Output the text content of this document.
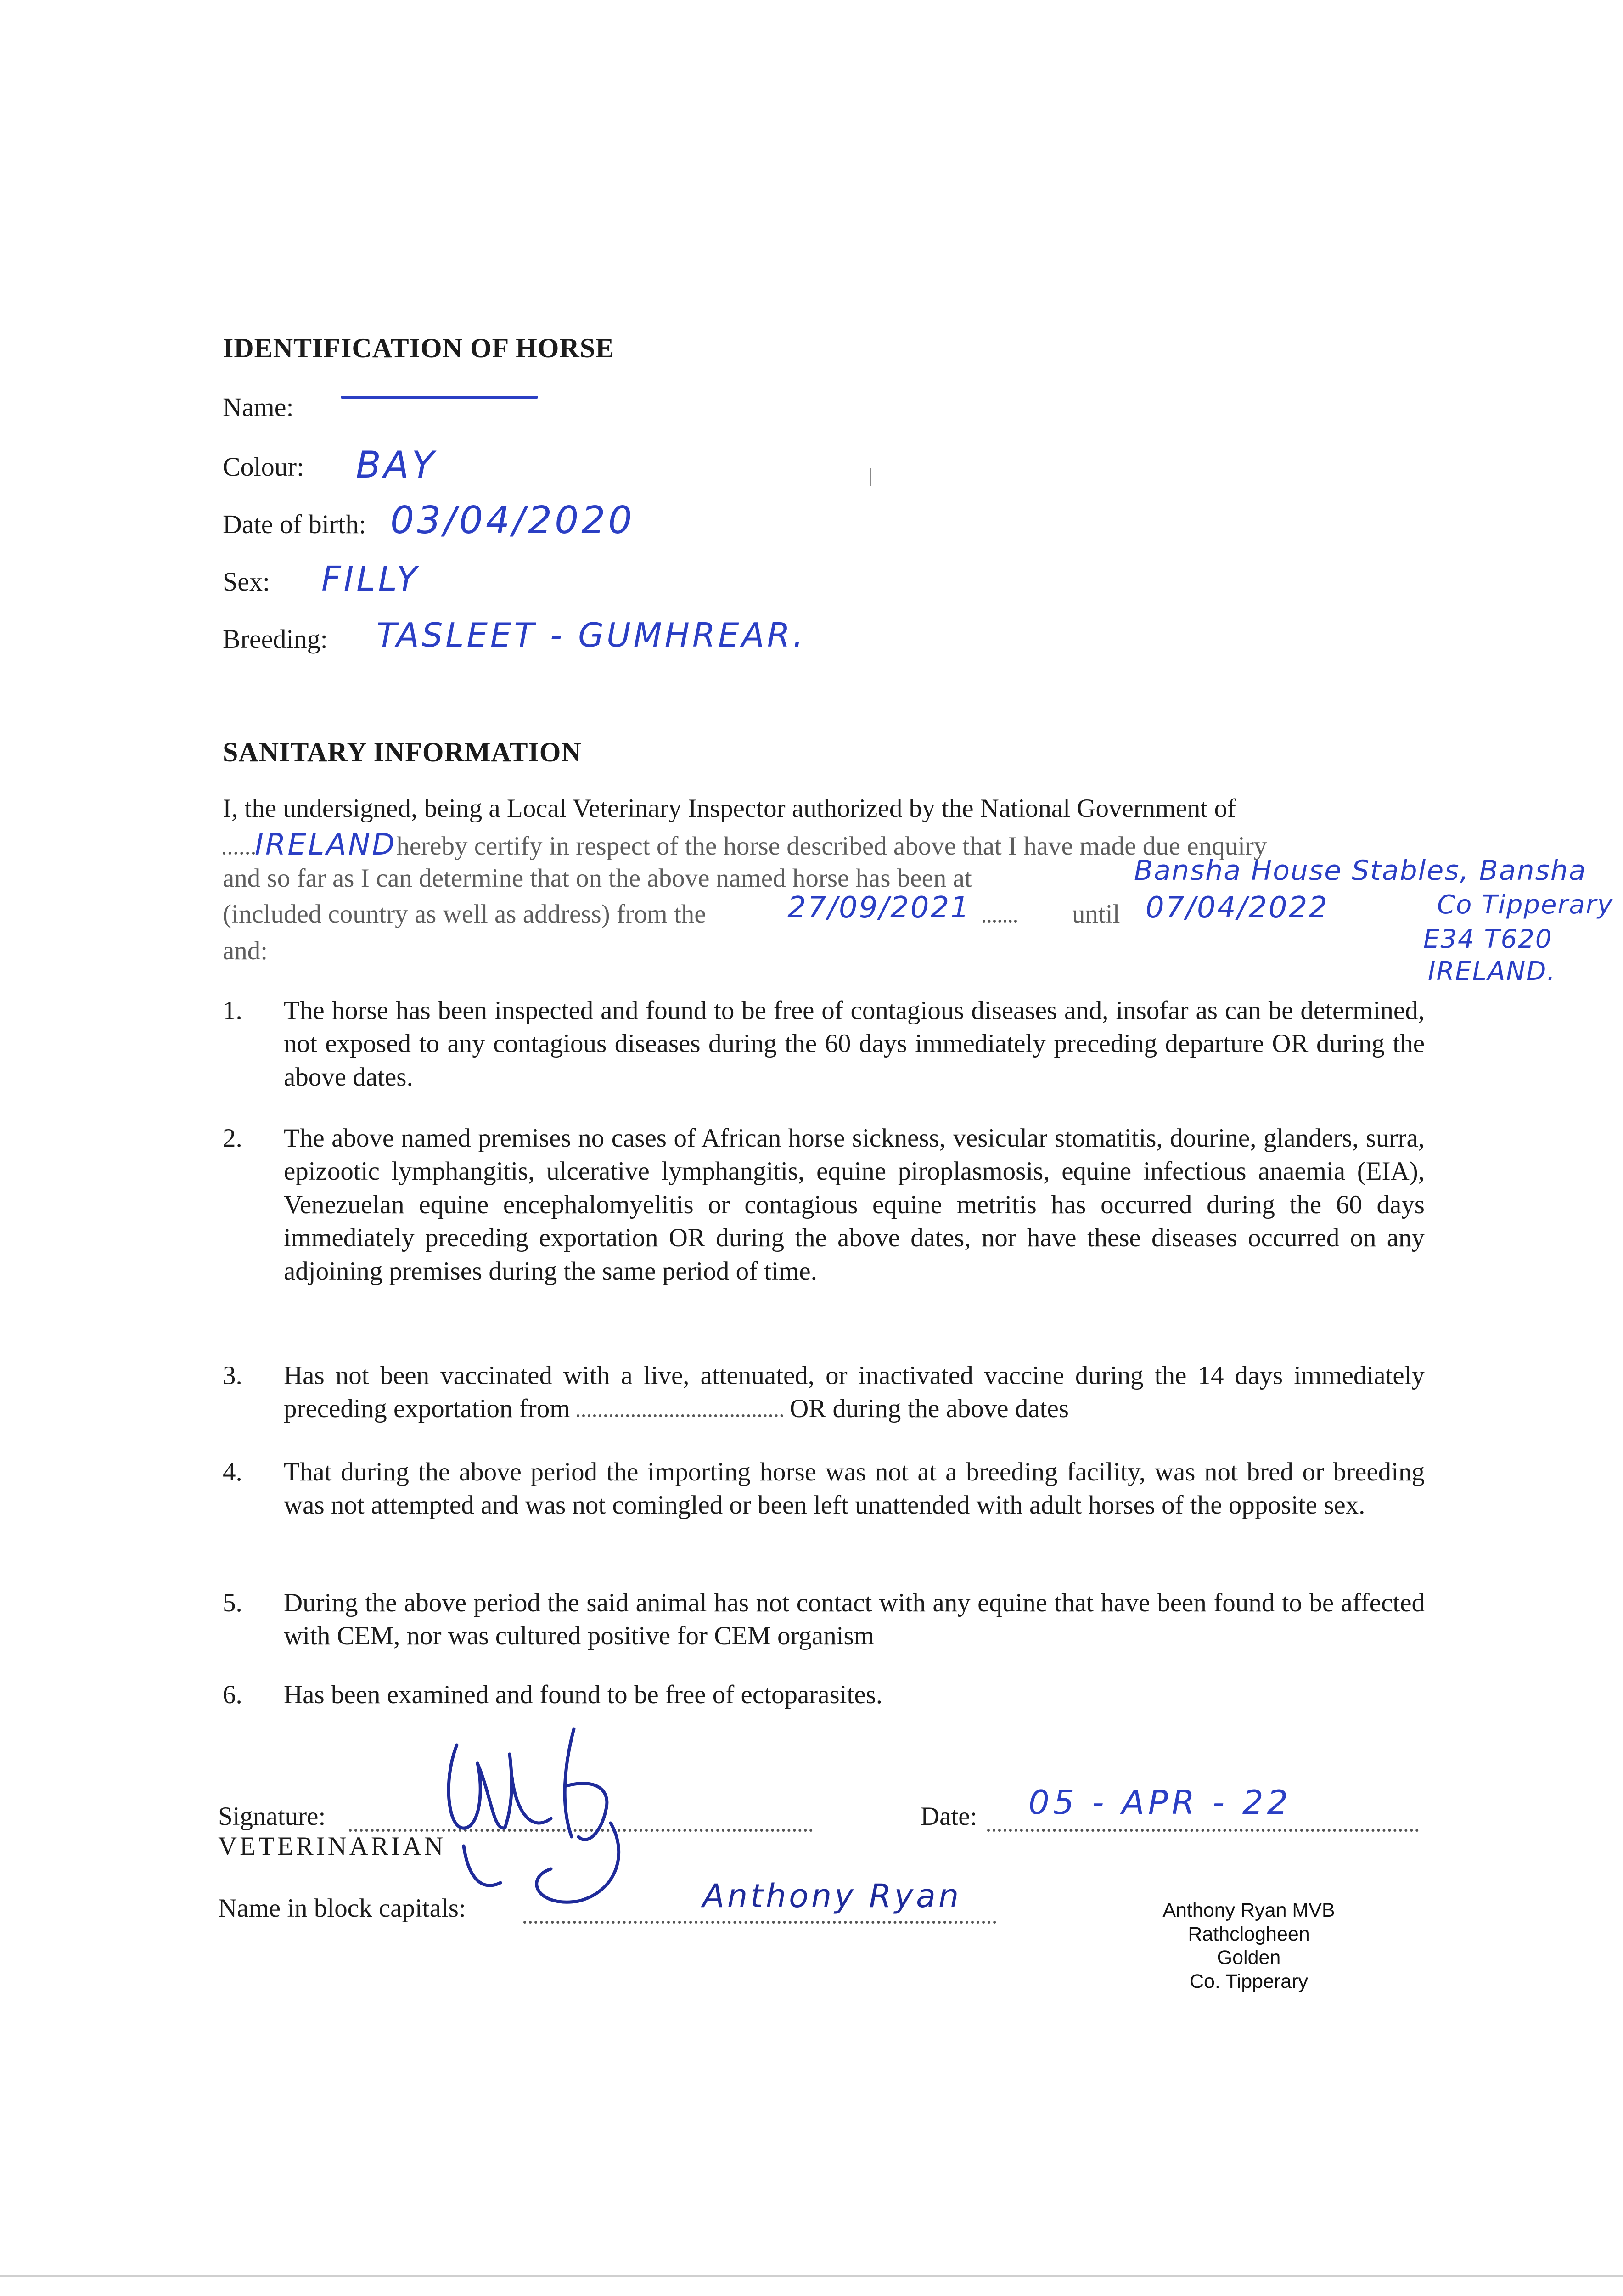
IDENTIFICATION OF HORSE
Name:
Colour: BAY
Date of birth: 03/04/2020
Sex: FILLY
Breeding: TASLEET - GUMHREAR.
SANITARY INFORMATION
I, the undersigned, being a Local Veterinary Inspector authorized by the National Government of
IRELANDhereby certify in respect of the horse described above that I have made due enquiry
and so far as I can determine that on the above named horse has been at	Bansha House Stables, Bansha
(included country as well as address) from the	27/09/2021	until 07/04/2022	Co Tipperary
and:	E34 T620
IRELAND.
1. The horse has been inspected and found to be free of contagious diseases and, insofar as can be determined, not exposed to any contagious diseases during the 60 days immediately preceding departure OR during the above dates.
2. The above named premises no cases of African horse sickness, vesicular stomatitis, dourine, glanders, surra, epizootic lymphangitis, ulcerative lymphangitis, equine piroplasmosis, equine infectious anaemia (EIA), Venezuelan equine encephalomyelitis or contagious equine metritis has occurred during the 60 days immediately preceding exportation OR during the above dates, nor have these diseases occurred on any adjoining premises during the same period of time.
3. Has not been vaccinated with a live, attenuated, or inactivated vaccine during the 14 days immediately preceding exportation from	OR during the above dates
4. That during the above period the importing horse was not at a breeding facility, was not bred or breeding was not attempted and was not comingled or been left unattended with adult horses of the opposite sex.
5. During the above period the said animal has not contact with any equine that have been found to be affected with CEM, nor was cultured positive for CEM organism
6. Has been examined and found to be free of ectoparasites.
Signature:
VETERINARIAN
Date: 05 - APR - 22
Name in block capitals:	Anthony Ryan	Anthony Ryan MVB
Rathclogheen
Golden
Co. Tipperary
